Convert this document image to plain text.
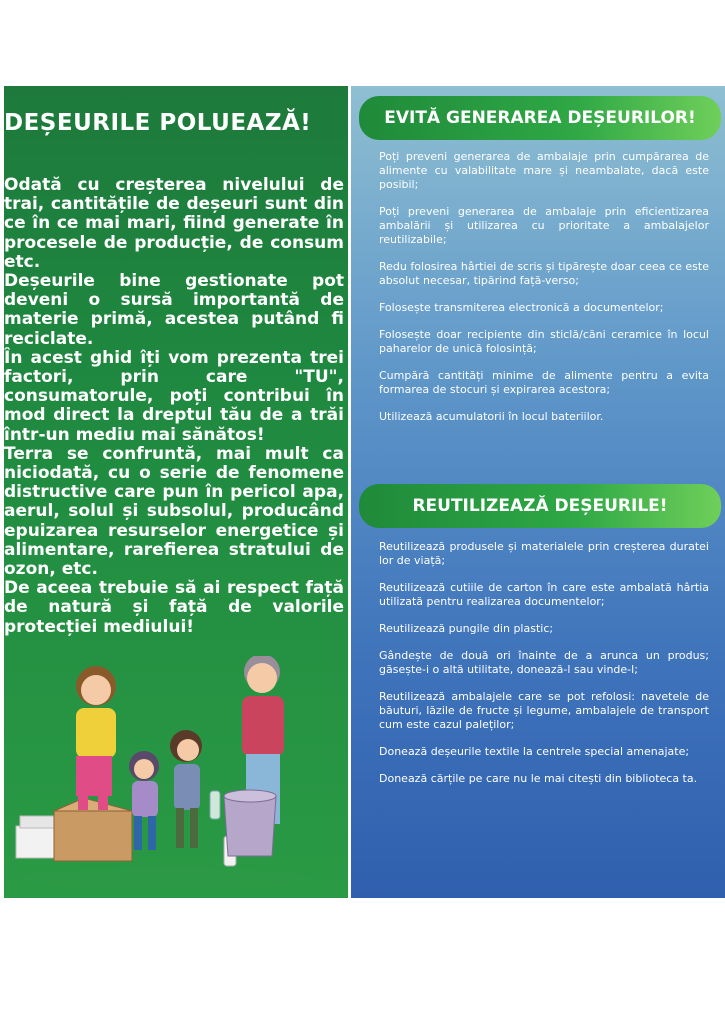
DEȘEURILE POLUEAZĂ!

Odată cu creșterea nivelului de trai, cantitățile de deșeuri sunt din ce în ce mai mari, fiind generate în procesele de producție, de consum etc.

Deșeurile bine gestionate pot deveni o sursă importantă de materie primă, acestea putând fi reciclate.

În acest ghid îți vom prezenta trei factori, prin care "TU", consumatorule, poți contribui în mod direct la dreptul tău de a trăi într-un mediu mai sănătos!

Terra se confruntă, mai mult ca niciodată, cu o serie de fenomene distructive care pun în pericol apa, aerul, solul și subsolul, producând epuizarea resurselor energetice și alimentare, rarefierea stratului de ozon, etc.

De aceea trebuie să ai respect față de natură și față de valorile protecției mediului!

EVITĂ GENERAREA DEȘEURILOR!

Poți preveni generarea de ambalaje prin cumpărarea de alimente cu valabilitate mare și neambalate, dacă este posibil;

Poți preveni generarea de ambalaje prin eficientizarea ambalării și utilizarea cu prioritate a ambalajelor reutilizabile;

Redu folosirea hârtiei de scris și tipărește doar ceea ce este absolut necesar, tipărind față-verso;

Folosește transmiterea electronică a documentelor;

Folosește doar recipiente din sticlă/căni ceramice în locul paharelor de unică folosință;

Cumpără cantități minime de alimente pentru a evita formarea de stocuri și expirarea acestora;

Utilizează acumulatorii în locul bateriilor.

REUTILIZEAZĂ DEȘEURILE!

Reutilizează produsele și materialele prin creșterea duratei lor de viață;

Reutilizează cutiile de carton în care este ambalată hârtia utilizată pentru realizarea documentelor;

Reutilizează pungile din plastic;

Gândește de două ori înainte de a arunca un produs; găsește-i o altă utilitate, donează-l sau vinde-l;

Reutilizează ambalajele care se pot refolosi: navetele de băuturi, lăzile de fructe și legume, ambalajele de transport cum este cazul paleților;

Donează deșeurile textile la centrele special amenajate;

Donează cărțile pe care nu le mai citești din biblioteca ta.
